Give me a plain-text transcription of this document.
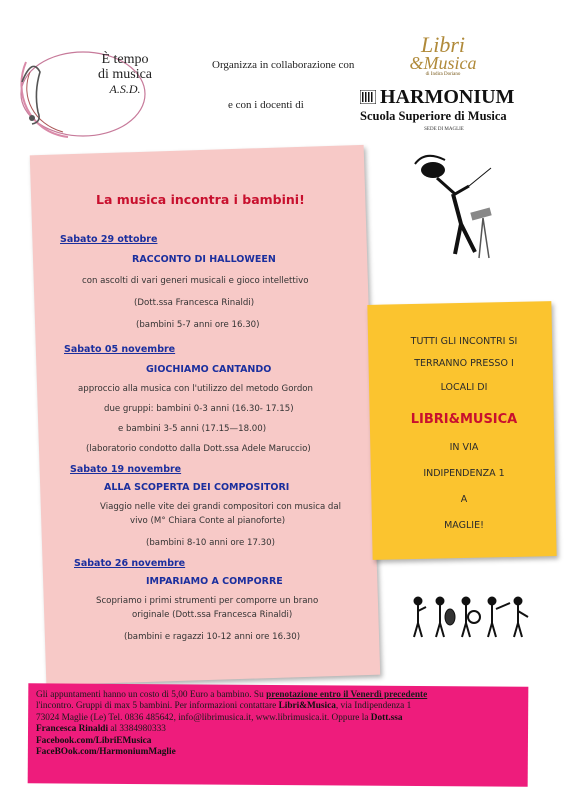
È tempo
di musica
A.S.D.
Organizza in collaborazione con
e con i docenti di
Libri
&Musica
di Indira Doriano
HARMONIUM
Scuola Superiore di Musica
SEDE DI MAGLIE
La musica incontra i bambini!
Sabato 29 ottobre
RACCONTO DI HALLOWEEN
con ascolti di vari generi musicali e gioco intellettivo
(Dott.ssa Francesca Rinaldi)
(bambini 5-7 anni ore 16.30)
Sabato 05 novembre
GIOCHIAMO CANTANDO
approccio alla musica con l'utilizzo del metodo Gordon
due gruppi: bambini 0-3 anni (16.30- 17.15)
e bambini 3-5 anni (17.15—18.00)
(laboratorio condotto dalla Dott.ssa Adele Maruccio)
Sabato 19 novembre
ALLA SCOPERTA DEI COMPOSITORI
Viaggio nelle vite dei grandi compositori con musica dal
vivo (M° Chiara Conte al pianoforte)
(bambini 8-10 anni ore 17.30)
Sabato 26 novembre
IMPARIAMO A COMPORRE
Scopriamo i primi strumenti per comporre un brano
originale (Dott.ssa Francesca Rinaldi)
(bambini e ragazzi 10-12 anni ore 16.30)
TUTTI GLI INCONTRI SI
TERRANNO PRESSO I
LOCALI DI
LIBRI&MUSICA
IN VIA
INDIPENDENZA 1
A
MAGLIE!
Gli appuntamenti hanno un costo di 5,00 Euro a bambino. Su prenotazione entro il Venerdì precedente
l'incontro. Gruppi di max 5 bambini. Per informazioni contattare Libri&Musica, via Indipendenza 1
73024 Maglie (Le) Tel. 0836 485642, info@librimusica.it, www.librimusica.it. Oppure la Dott.ssa
Francesca Rinaldi al 3384980333
Facebook.com/LibriEMusica
FaceBOok.com/HarmoniumMaglie
